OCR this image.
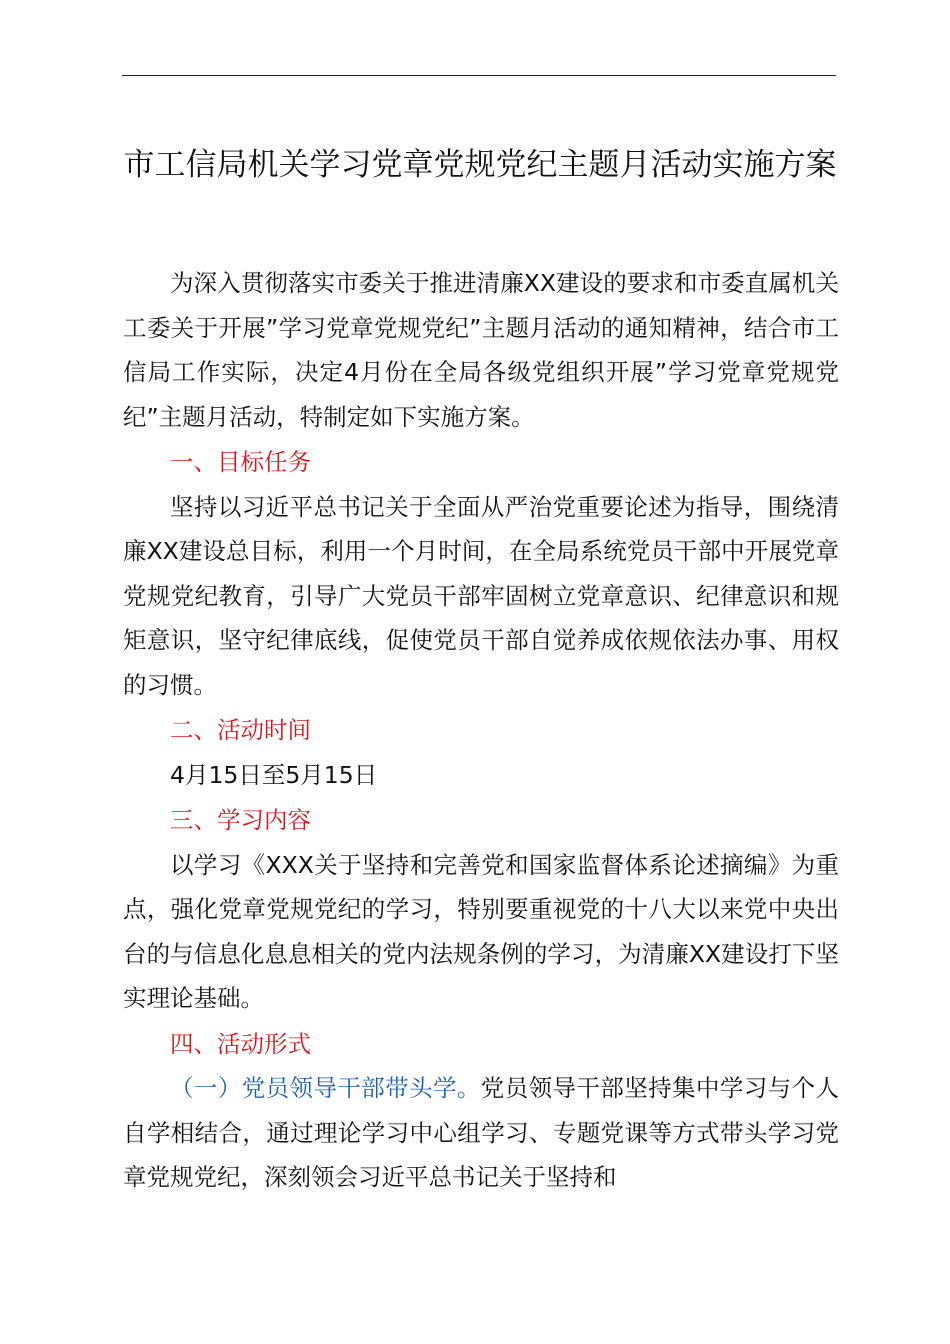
市工信局机关学习党章党规党纪主题月活动实施方案

为深入贯彻落实市委关于推进清廉XX建设的要求和市委直属机关工委关于开展”学习党章党规党纪”主题月活动的通知精神，结合市工信局工作实际，决定4月份在全局各级党组织开展”学习党章党规党纪”主题月活动，特制定如下实施方案。

一、目标任务

坚持以习近平总书记关于全面从严治党重要论述为指导，围绕清廉XX建设总目标，利用一个月时间，在全局系统党员干部中开展党章党规党纪教育，引导广大党员干部牢固树立党章意识、纪律意识和规矩意识，坚守纪律底线，促使党员干部自觉养成依规依法办事、用权的习惯。

二、活动时间

4月15日至5月15日

三、学习内容

以学习《XXX关于坚持和完善党和国家监督体系论述摘编》为重点，强化党章党规党纪的学习，特别要重视党的十八大以来党中央出台的与信息化息息相关的党内法规条例的学习，为清廉XX建设打下坚实理论基础。

四、活动形式

（一）党员领导干部带头学。党员领导干部坚持集中学习与个人自学相结合，通过理论学习中心组学习、专题党课等方式带头学习党章党规党纪，深刻领会习近平总书记关于坚持和
